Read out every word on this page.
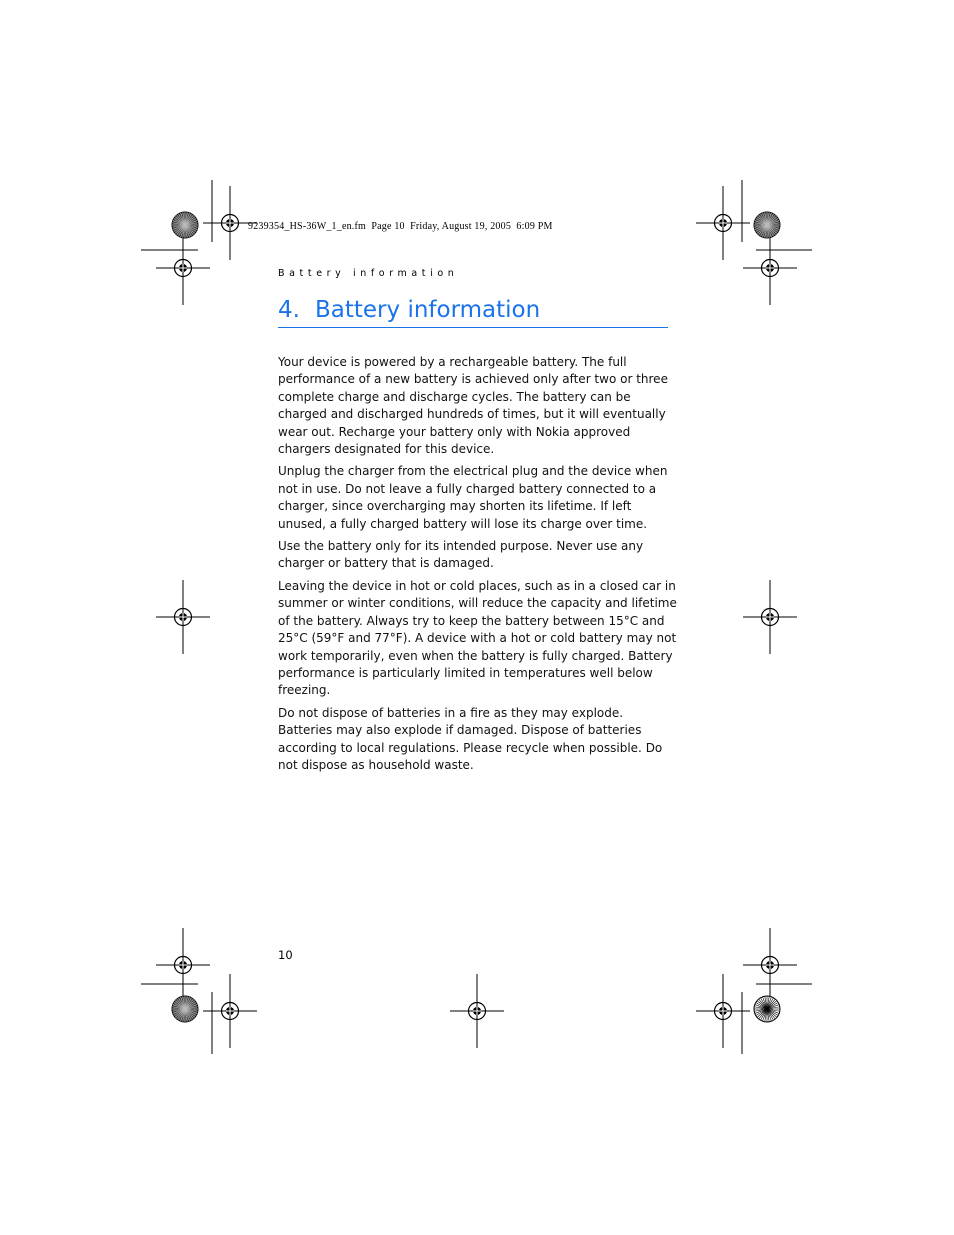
9239354_HS-36W_1_en.fm  Page 10  Friday, August 19, 2005  6:09 PM
Battery information
4. Battery information

Your device is powered by a rechargeable battery. The full performance of a new battery is achieved only after two or three complete charge and discharge cycles. The battery can be charged and discharged hundreds of times, but it will eventually wear out. Recharge your battery only with Nokia approved chargers designated for this device.

Unplug the charger from the electrical plug and the device when not in use. Do not leave a fully charged battery connected to a charger, since overcharging may shorten its lifetime. If left unused, a fully charged battery will lose its charge over time.

Use the battery only for its intended purpose. Never use any charger or battery that is damaged.

Leaving the device in hot or cold places, such as in a closed car in summer or winter conditions, will reduce the capacity and lifetime of the battery. Always try to keep the battery between 15°C and 25°C (59°F and 77°F). A device with a hot or cold battery may not work temporarily, even when the battery is fully charged. Battery performance is particularly limited in temperatures well below freezing.

Do not dispose of batteries in a fire as they may explode. Batteries may also explode if damaged. Dispose of batteries according to local regulations. Please recycle when possible. Do not dispose as household waste.

10
